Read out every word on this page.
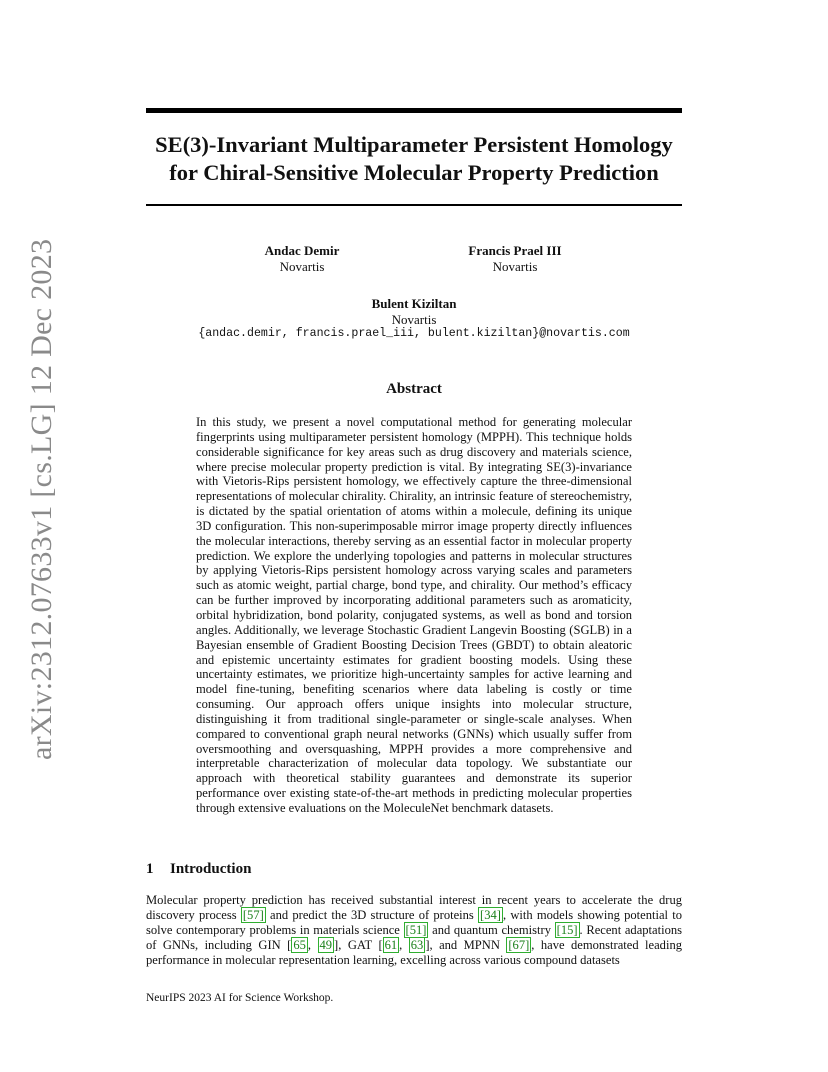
arXiv:2312.07633v1 [cs.LG] 12 Dec 2023
SE(3)-Invariant Multiparameter Persistent Homology
for Chiral-Sensitive Molecular Property Prediction
Andac Demir
Novartis
Francis Prael III
Novartis
Bulent Kiziltan
Novartis
{andac.demir, francis.prael_iii, bulent.kiziltan}@novartis.com
Abstract
In this study, we present a novel computational method for generating molecular fingerprints using multiparameter persistent homology (MPPH). This technique holds considerable significance for key areas such as drug discovery and materials science, where precise molecular property prediction is vital. By integrating SE(3)-invariance with Vietoris-Rips persistent homology, we effectively capture the three-dimensional representations of molecular chirality. Chirality, an intrinsic feature of stereochemistry, is dictated by the spatial orientation of atoms within a molecule, defining its unique 3D configuration. This non-superimposable mirror image property directly influences the molecular interactions, thereby serving as an essential factor in molecular property prediction. We explore the underlying topologies and patterns in molecular structures by applying Vietoris-Rips persistent homology across varying scales and parameters such as atomic weight, partial charge, bond type, and chirality. Our method’s efficacy can be further improved by incorporating additional parameters such as aromaticity, orbital hybridization, bond polarity, conjugated systems, as well as bond and torsion angles. Additionally, we leverage Stochastic Gradient Langevin Boosting (SGLB) in a Bayesian ensemble of Gradient Boosting Decision Trees (GBDT) to obtain aleatoric and epistemic uncertainty estimates for gradient boosting models. Using these uncertainty estimates, we prioritize high-uncertainty samples for active learning and model fine-tuning, benefiting scenarios where data labeling is costly or time consuming. Our approach offers unique insights into molecular structure, distinguishing it from traditional single-parameter or single-scale analyses. When compared to conventional graph neural networks (GNNs) which usually suffer from oversmoothing and oversquashing, MPPH provides a more comprehensive and interpretable characterization of molecular data topology. We substantiate our approach with theoretical stability guarantees and demonstrate its superior performance over existing state-of-the-art methods in predicting molecular properties through extensive evaluations on the MoleculeNet benchmark datasets.
1 Introduction
Molecular property prediction has received substantial interest in recent years to accelerate the drug discovery process [57] and predict the 3D structure of proteins [34] , with models showing potential to solve contemporary problems in materials science [51] and quantum chemistry [15] . Recent adaptations of GNNs, including GIN [ 65 , 49 ], GAT [ 61 , 63 ], and MPNN [67] , have demonstrated leading performance in molecular representation learning, excelling across various compound datasets
NeurIPS 2023 AI for Science Workshop.
